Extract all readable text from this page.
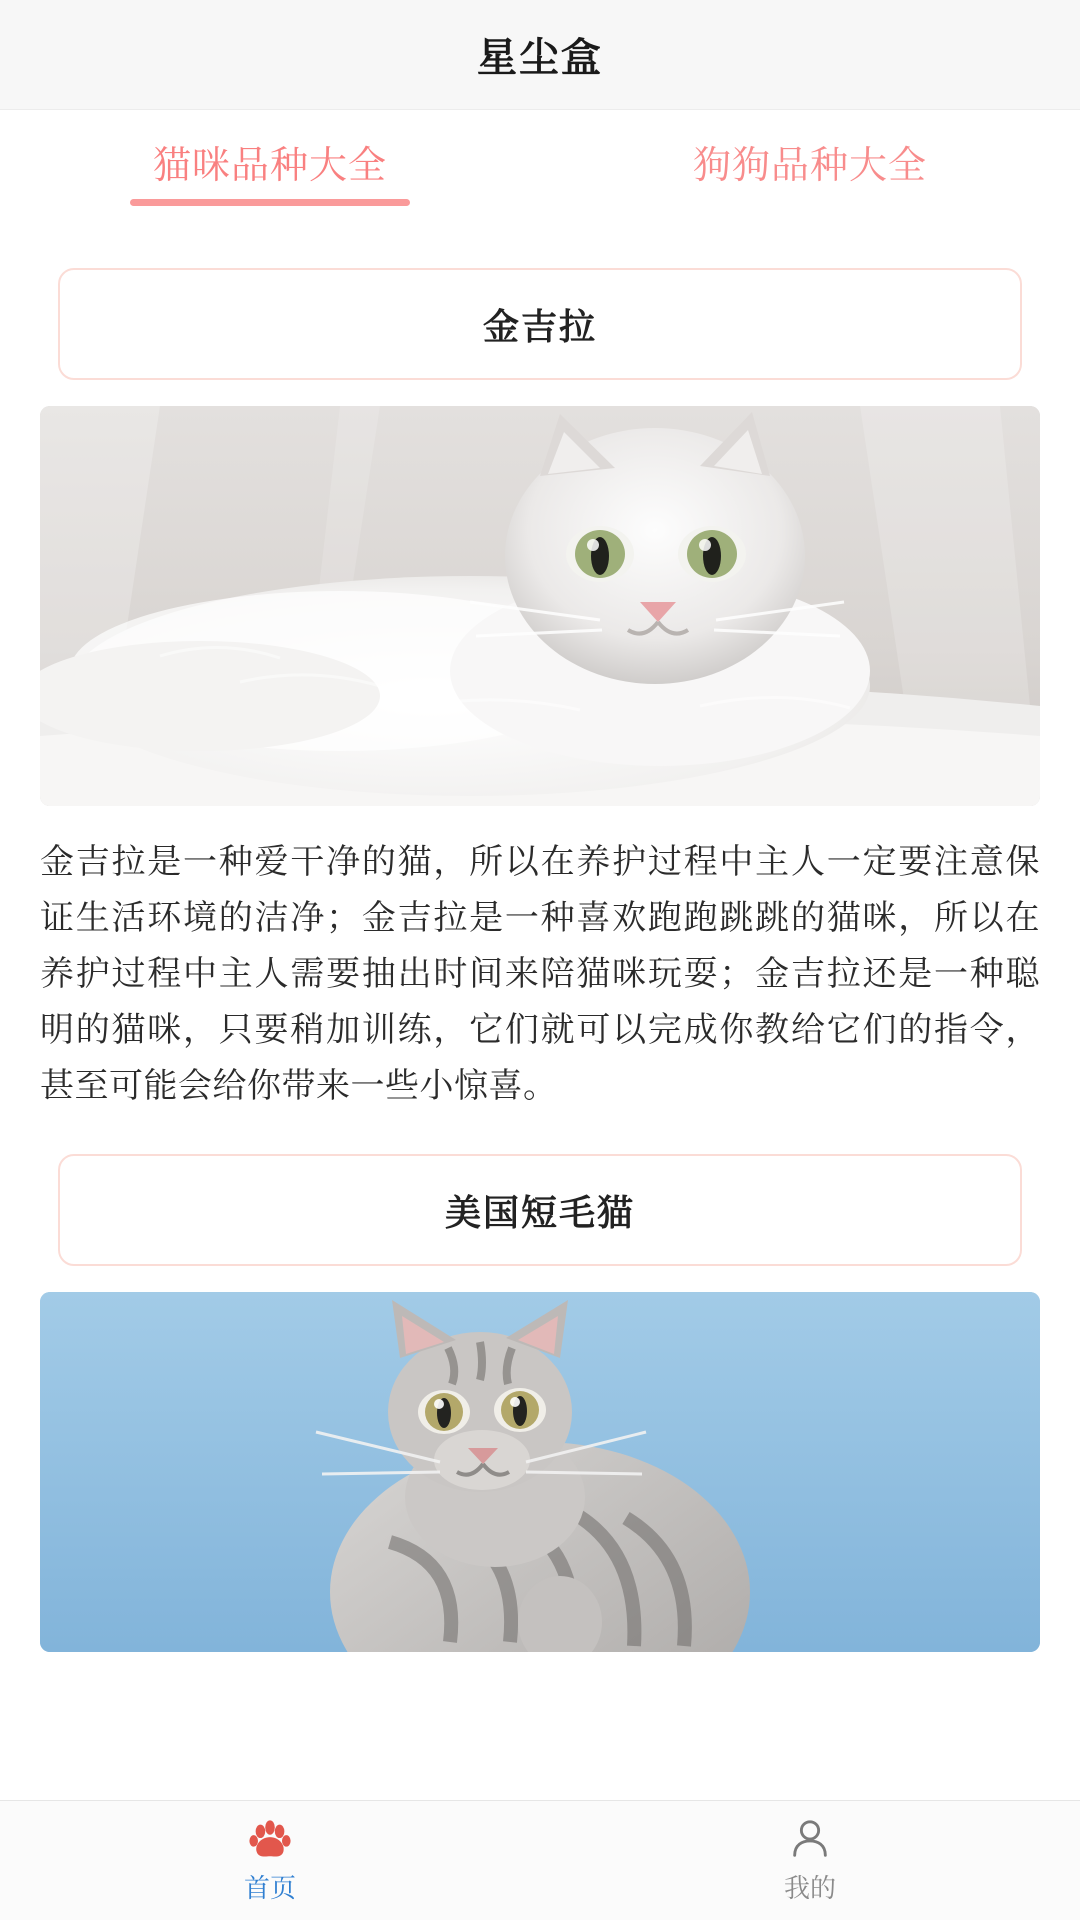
星尘盒
猫咪品种大全	狗狗品种大全
金吉拉
金吉拉是一种爱干净的猫，所以在养护过程中主人一定要注意保证生活环境的洁净；金吉拉是一种喜欢跑跑跳跳的猫咪，所以在养护过程中主人需要抽出时间来陪猫咪玩耍；金吉拉还是一种聪明的猫咪，只要稍加训练，它们就可以完成你教给它们的指令，甚至可能会给你带来一些小惊喜。
美国短毛猫
首页	我的
